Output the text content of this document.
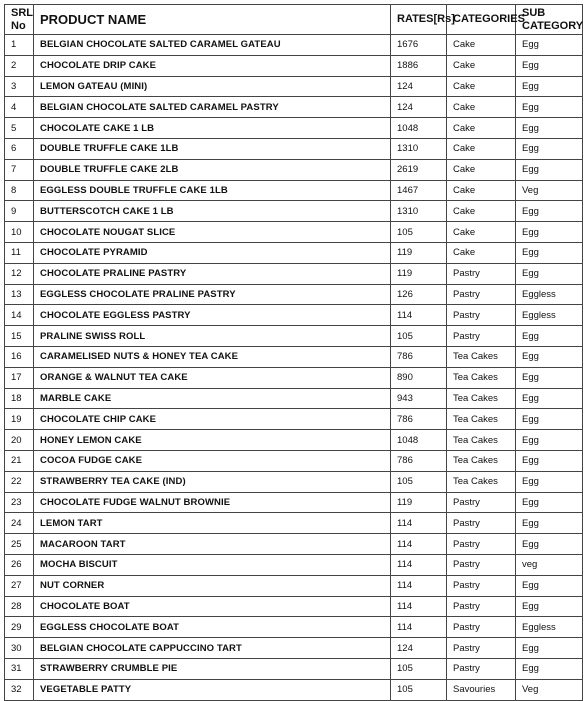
SRL
No	PRODUCT NAME	RATES[Rs]	CATEGORIES	SUB
CATEGORY
1	BELGIAN CHOCOLATE SALTED CARAMEL GATEAU	1676	Cake	Egg
2	CHOCOLATE DRIP CAKE	1886	Cake	Egg
3	LEMON GATEAU (MINI)	124	Cake	Egg
4	BELGIAN CHOCOLATE SALTED CARAMEL PASTRY	124	Cake	Egg
5	CHOCOLATE CAKE 1 LB	1048	Cake	Egg
6	DOUBLE TRUFFLE CAKE 1LB	1310	Cake	Egg
7	DOUBLE TRUFFLE CAKE 2LB	2619	Cake	Egg
8	EGGLESS DOUBLE TRUFFLE CAKE 1LB	1467	Cake	Veg
9	BUTTERSCOTCH CAKE 1 LB	1310	Cake	Egg
10	CHOCOLATE NOUGAT SLICE	105	Cake	Egg
11	CHOCOLATE PYRAMID	119	Cake	Egg
12	CHOCOLATE PRALINE PASTRY	119	Pastry	Egg
13	EGGLESS CHOCOLATE PRALINE PASTRY	126	Pastry	Eggless
14	CHOCOLATE EGGLESS PASTRY	114	Pastry	Eggless
15	PRALINE SWISS ROLL	105	Pastry	Egg
16	CARAMELISED NUTS & HONEY TEA CAKE	786	Tea Cakes	Egg
17	ORANGE & WALNUT TEA CAKE	890	Tea Cakes	Egg
18	MARBLE CAKE	943	Tea Cakes	Egg
19	CHOCOLATE CHIP CAKE	786	Tea Cakes	Egg
20	HONEY LEMON CAKE	1048	Tea Cakes	Egg
21	COCOA FUDGE CAKE	786	Tea Cakes	Egg
22	STRAWBERRY TEA CAKE (IND)	105	Tea Cakes	Egg
23	CHOCOLATE FUDGE WALNUT BROWNIE	119	Pastry	Egg
24	LEMON TART	114	Pastry	Egg
25	MACAROON TART	114	Pastry	Egg
26	MOCHA BISCUIT	114	Pastry	veg
27	NUT CORNER	114	Pastry	Egg
28	CHOCOLATE BOAT	114	Pastry	Egg
29	EGGLESS CHOCOLATE BOAT	114	Pastry	Eggless
30	BELGIAN CHOCOLATE CAPPUCCINO TART	124	Pastry	Egg
31	STRAWBERRY CRUMBLE PIE	105	Pastry	Egg
32	VEGETABLE PATTY	105	Savouries	Veg
